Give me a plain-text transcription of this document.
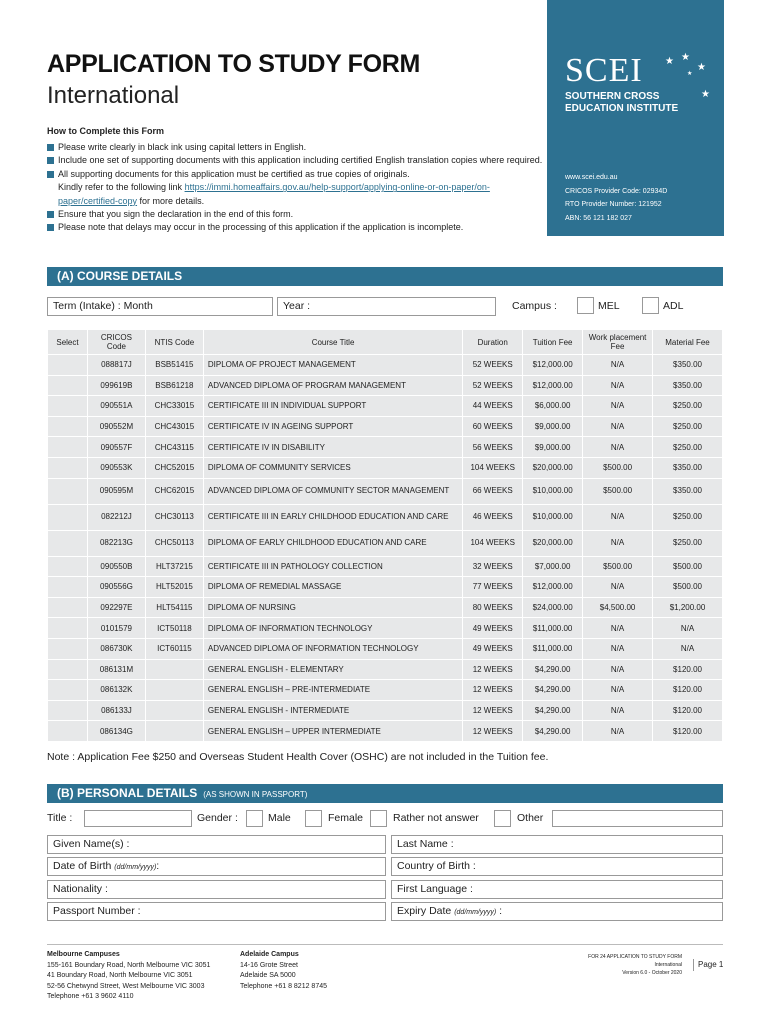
APPLICATION TO STUDY FORM
International
SCEI ★ ★
★
★
★
SOUTHERN CROSS EDUCATION INSTITUTE
www.scei.edu.au
CRICOS Provider Code: 02934D
RTO Provider Number: 121952
ABN: 56 121 182 027
How to Complete this Form
Please write clearly in black ink using capital letters in English.
Include one set of supporting documents with this application including certified English translation copies where required.
All supporting documents for this application must be certified as true copies of originals.
Kindly refer to the following link https://immi.homeaffairs.gov.au/help-support/applying-online-or-on-paper/on-paper/certified-copy for more details.
Ensure that you sign the declaration in the end of this form.
Please note that delays may occur in the processing of this application if the application is incomplete.
(A) COURSE DETAILS
Term (Intake) : Month	Year :	Campus :	MEL	ADL
Select	CRICOS Code	NTIS Code	Course Title	Duration	Tuition Fee	Work placement Fee	Material Fee
	088817J	BSB51415	DIPLOMA OF PROJECT MANAGEMENT	52 WEEKS	$12,000.00	N/A	$350.00
	099619B	BSB61218	ADVANCED DIPLOMA OF PROGRAM MANAGEMENT	52 WEEKS	$12,000.00	N/A	$350.00
	090551A	CHC33015	CERTIFICATE III IN INDIVIDUAL SUPPORT	44 WEEKS	$6,000.00	N/A	$250.00
	090552M	CHC43015	CERTIFICATE IV IN AGEING SUPPORT	60 WEEKS	$9,000.00	N/A	$250.00
	090557F	CHC43115	CERTIFICATE IV IN DISABILITY	56 WEEKS	$9,000.00	N/A	$250.00
	090553K	CHC52015	DIPLOMA OF COMMUNITY SERVICES	104 WEEKS	$20,000.00	$500.00	$350.00
	090595M	CHC62015	ADVANCED DIPLOMA OF COMMUNITY SECTOR MANAGEMENT	66 WEEKS	$10,000.00	$500.00	$350.00
	082212J	CHC30113	CERTIFICATE III IN EARLY CHILDHOOD EDUCATION AND CARE	46 WEEKS	$10,000.00	N/A	$250.00
	082213G	CHC50113	DIPLOMA OF EARLY CHILDHOOD EDUCATION AND CARE	104 WEEKS	$20,000.00	N/A	$250.00
	090550B	HLT37215	CERTIFICATE III IN PATHOLOGY COLLECTION	32 WEEKS	$7,000.00	$500.00	$500.00
	090556G	HLT52015	DIPLOMA OF REMEDIAL MASSAGE	77 WEEKS	$12,000.00	N/A	$500.00
	092297E	HLT54115	DIPLOMA OF NURSING	80 WEEKS	$24,000.00	$4,500.00	$1,200.00
	0101579	ICT50118	DIPLOMA OF INFORMATION TECHNOLOGY	49 WEEKS	$11,000.00	N/A	N/A
	086730K	ICT60115	ADVANCED DIPLOMA OF INFORMATION TECHNOLOGY	49 WEEKS	$11,000.00	N/A	N/A
	086131M		GENERAL ENGLISH - ELEMENTARY	12 WEEKS	$4,290.00	N/A	$120.00
	086132K		GENERAL ENGLISH – PRE-INTERMEDIATE	12 WEEKS	$4,290.00	N/A	$120.00
	086133J		GENERAL ENGLISH - INTERMEDIATE	12 WEEKS	$4,290.00	N/A	$120.00
	086134G		GENERAL ENGLISH – UPPER INTERMEDIATE	12 WEEKS	$4,290.00	N/A	$120.00
Note : Application Fee $250 and Overseas Student Health Cover (OSHC) are not included in the Tuition fee.
(B) PERSONAL DETAILS (AS SHOWN IN PASSPORT)
Title :	Gender :	Male	Female	Rather not answer	Other
Given Name(s) :	Last Name :
Date of Birth (dd/mm/yyyy):	Country of Birth :
Nationality :	First Language :
Passport Number :	Expiry Date (dd/mm/yyyy) :
Melbourne Campuses
155-161 Boundary Road, North Melbourne VIC 3051
41 Boundary Road, North Melbourne VIC 3051
52-56 Chetwynd Street, West Melbourne VIC 3003
Telephone +61 3 9602 4110
Adelaide Campus
14-16 Grote Street
Adelaide SA 5000
Telephone +61 8 8212 8745
FOR 24 APPLICATION TO STUDY FORM
International
Version 6.0 - October 2020
Page 1
